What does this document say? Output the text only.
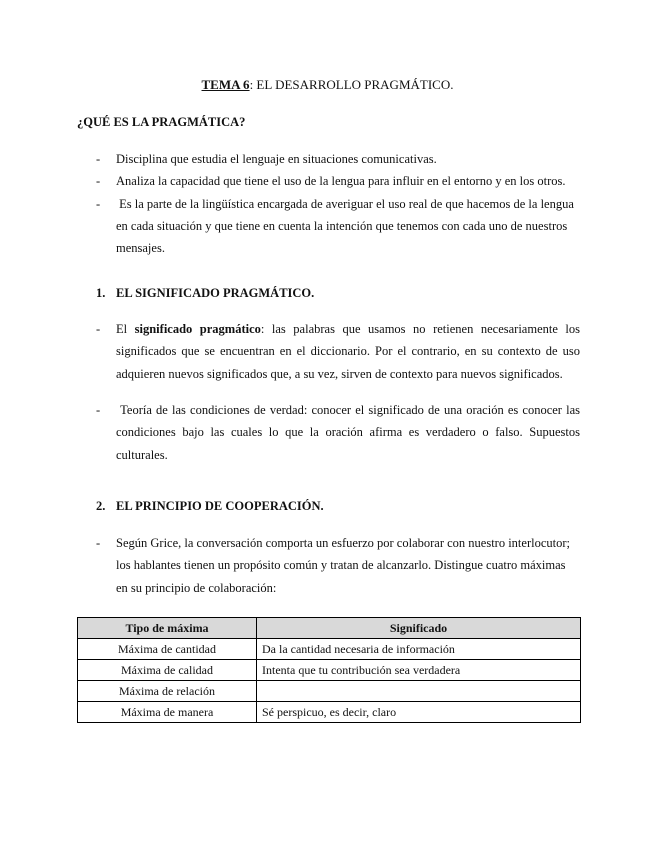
TEMA 6: EL DESARROLLO PRAGMÁTICO.
¿QUÉ ES LA PRAGMÁTICA?
- Disciplina que estudia el lenguaje en situaciones comunicativas.
- Analiza la capacidad que tiene el uso de la lengua para influir en el entorno y en los otros.
- Es la parte de la lingüística encargada de averiguar el uso real de que hacemos de la lengua en cada situación y que tiene en cuenta la intención que tenemos con cada uno de nuestros mensajes.
1. EL SIGNIFICADO PRAGMÁTICO.
- El significado pragmático: las palabras que usamos no retienen necesariamente los significados que se encuentran en el diccionario. Por el contrario, en su contexto de uso adquieren nuevos significados que, a su vez, sirven de contexto para nuevos significados.
- Teoría de las condiciones de verdad: conocer el significado de una oración es conocer las condiciones bajo las cuales lo que la oración afirma es verdadero o falso. Supuestos culturales.
2. EL PRINCIPIO DE COOPERACIÓN.
- Según Grice, la conversación comporta un esfuerzo por colaborar con nuestro interlocutor; los hablantes tienen un propósito común y tratan de alcanzarlo. Distingue cuatro máximas en su principio de colaboración:
Tipo de máxima	Significado
Máxima de cantidad	Da la cantidad necesaria de información
Máxima de calidad	Intenta que tu contribución sea verdadera
Máxima de relación	
Máxima de manera	Sé perspicuo, es decir, claro
